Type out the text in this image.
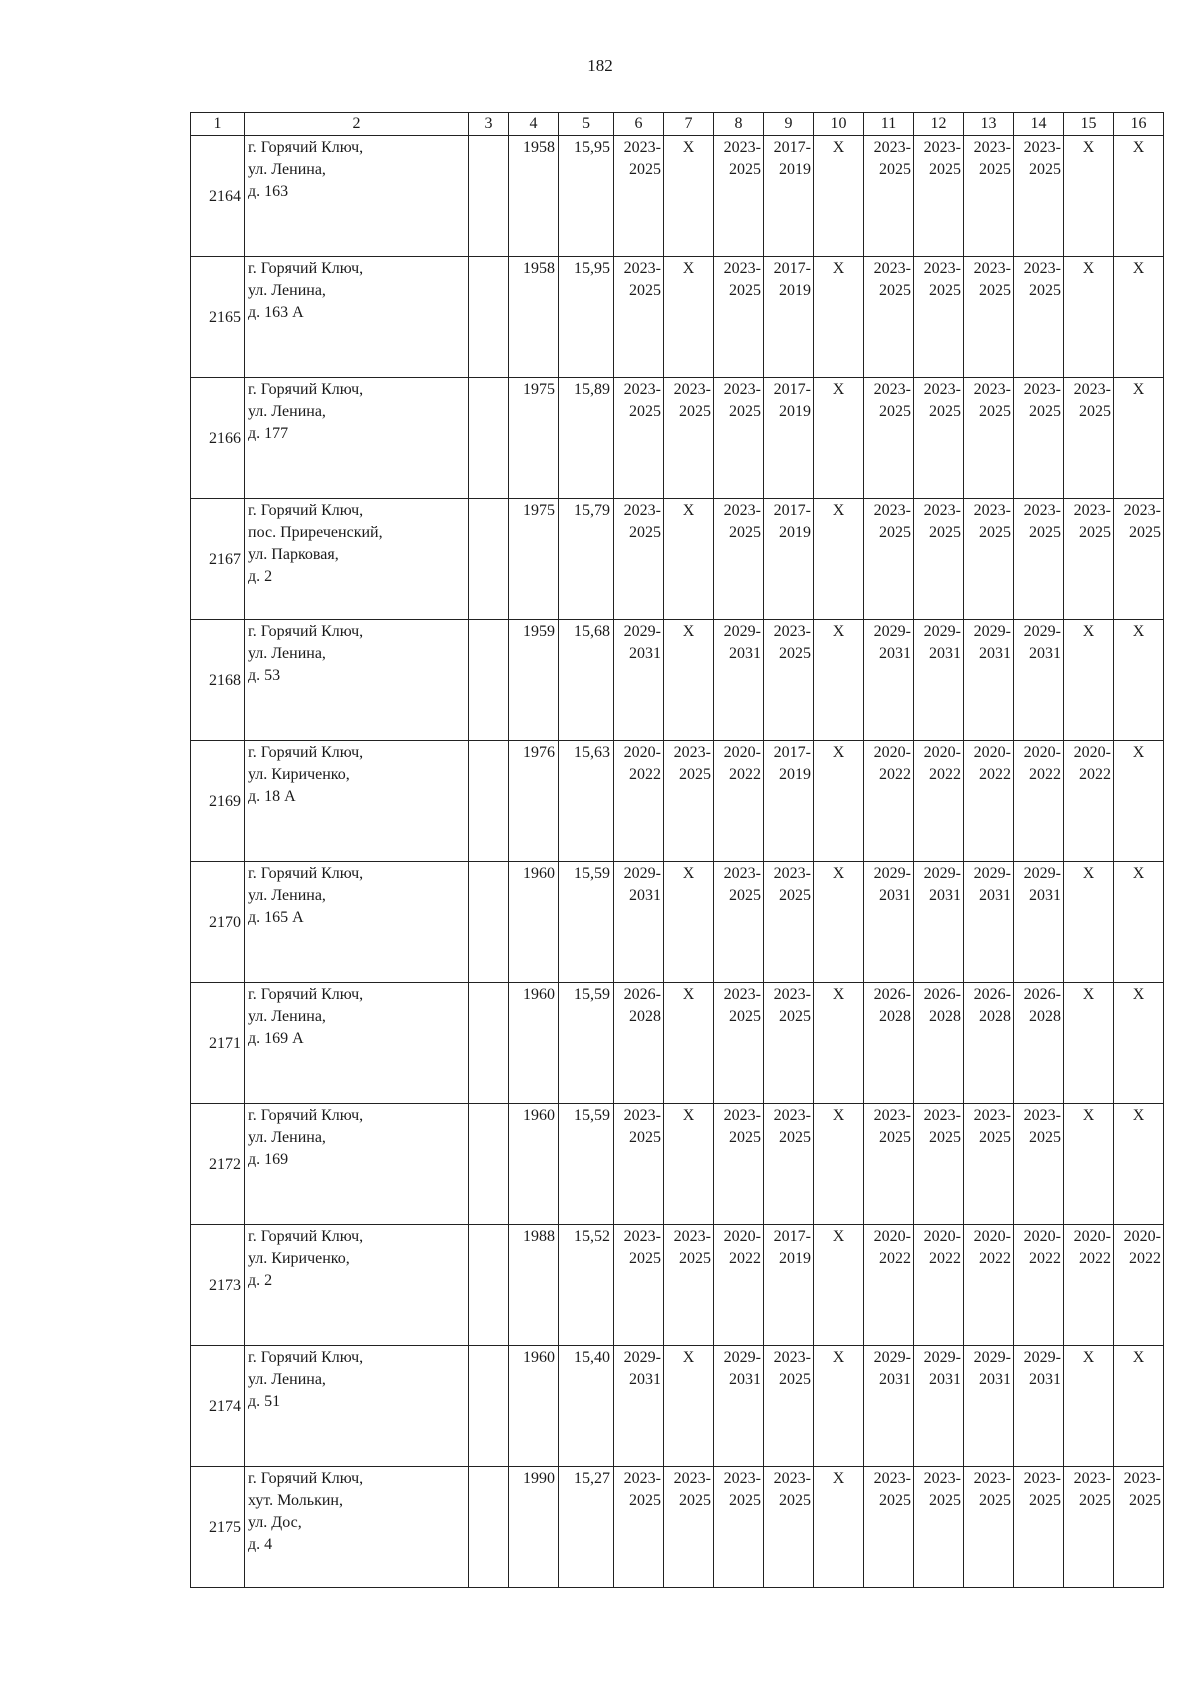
182
1	2	3	4	5	6	7	8	9	10	11	12	13	14	15	16
2164	г. Горячий Ключ,
ул. Ленина,
д. 163		1958	15,95	2023-
2025	Х	2023-
2025	2017-
2019	Х	2023-
2025	2023-
2025	2023-
2025	2023-
2025	Х	Х
2165	г. Горячий Ключ,
ул. Ленина,
д. 163 А		1958	15,95	2023-
2025	Х	2023-
2025	2017-
2019	Х	2023-
2025	2023-
2025	2023-
2025	2023-
2025	Х	Х
2166	г. Горячий Ключ,
ул. Ленина,
д. 177		1975	15,89	2023-
2025	2023-
2025	2023-
2025	2017-
2019	Х	2023-
2025	2023-
2025	2023-
2025	2023-
2025	2023-
2025	Х
2167	г. Горячий Ключ,
пос. Приреченский,
ул. Парковая,
д. 2		1975	15,79	2023-
2025	Х	2023-
2025	2017-
2019	Х	2023-
2025	2023-
2025	2023-
2025	2023-
2025	2023-
2025	2023-
2025

2168	г. Горячий Ключ,
ул. Ленина,
д. 53		1959	15,68	2029-
2031	Х	2029-
2031	2023-
2025	Х	2029-
2031	2029-
2031	2029-
2031	2029-
2031	Х	Х
2169	г. Горячий Ключ,
ул. Кириченко,
д. 18 А		1976	15,63	2020-
2022	2023-
2025	2020-
2022	2017-
2019	Х	2020-
2022	2020-
2022	2020-
2022	2020-
2022	2020-
2022	Х
2170	г. Горячий Ключ,
ул. Ленина,
д. 165 А		1960	15,59	2029-
2031	Х	2023-
2025	2023-
2025	Х	2029-
2031	2029-
2031	2029-
2031	2029-
2031	Х	Х
2171	г. Горячий Ключ,
ул. Ленина,
д. 169 А		1960	15,59	2026-
2028	Х	2023-
2025	2023-
2025	Х	2026-
2028	2026-
2028	2026-
2028	2026-
2028	Х	Х
2172	г. Горячий Ключ,
ул. Ленина,
д. 169		1960	15,59	2023-
2025	Х	2023-
2025	2023-
2025	Х	2023-
2025	2023-
2025	2023-
2025	2023-
2025	Х	Х
2173	г. Горячий Ключ,
ул. Кириченко,
д. 2		1988	15,52	2023-
2025	2023-
2025	2020-
2022	2017-
2019	Х	2020-
2022	2020-
2022	2020-
2022	2020-
2022	2020-
2022	2020-
2022

2174	г. Горячий Ключ,
ул. Ленина,
д. 51		1960	15,40	2029-
2031	Х	2029-
2031	2023-
2025	Х	2029-
2031	2029-
2031	2029-
2031	2029-
2031	Х	Х
2175	г. Горячий Ключ,
хут. Молькин,
ул. Дос,
д. 4		1990	15,27	2023-
2025	2023-
2025	2023-
2025	2023-
2025	Х	2023-
2025	2023-
2025	2023-
2025	2023-
2025	2023-
2025	2023-
2025
